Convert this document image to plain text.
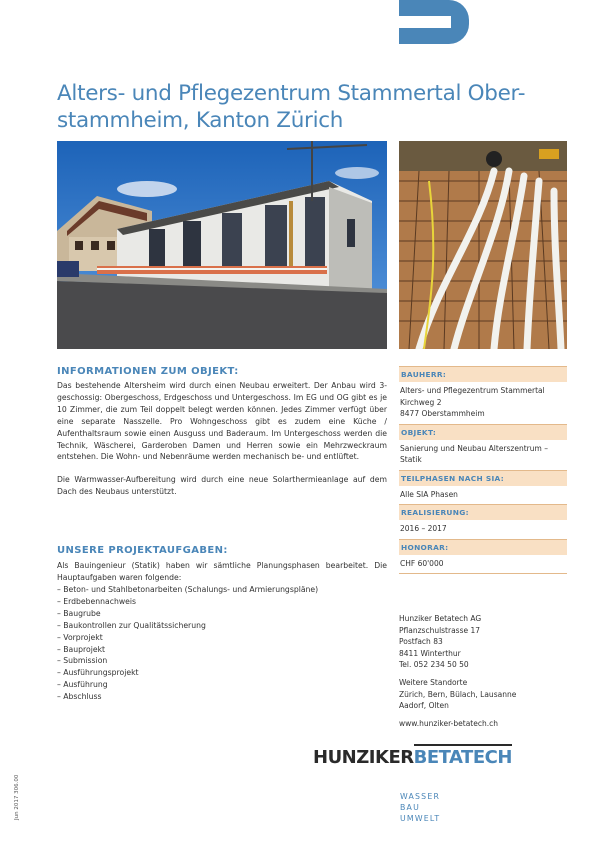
Alters- und Pflegezentrum Stammertal Ober-
stammheim, Kanton Zürich
INFORMATIONEN ZUM OBJEKT:

Das bestehende Altersheim wird durch einen Neubau erweitert. Der Anbau wird 3-geschossig: Obergeschoss, Erdgeschoss und Untergeschoss. Im EG und OG gibt es je 10 Zimmer, die zum Teil doppelt belegt werden können. Jedes Zimmer verfügt über eine separate Nasszelle. Pro Wohngeschoss gibt es zudem eine Küche / Aufenthaltsraum sowie einen Ausguss und Baderaum. Im Untergeschoss werden die Technik, Wäscherei, Garderoben Damen und Herren sowie ein Mehrzweckraum entstehen. Die Wohn- und Nebenräume werden mechanisch be- und entlüftet.

Die Warmwasser-Aufbereitung wird durch eine neue Solarthermieanlage auf dem Dach des Neubaus unterstützt.

UNSERE PROJEKTAUFGABEN:
Als Bauingenieur (Statik) haben wir sämtliche Planungsphasen bearbeitet. Die Hauptaufgaben waren folgende:
– Beton- und Stahlbetonarbeiten (Schalungs- und Armierungspläne)
– Erdbebennachweis
– Baugrube
– Baukontrollen zur Qualitätssicherung
– Vorprojekt
– Bauprojekt
– Submission
– Ausführungsprojekt
– Ausführung
– Abschluss
BAUHERR:
Alters- und Pflegezentrum Stammertal
Kirchweg 2
8477 Oberstammheim
OBJEKT:
Sanierung und Neubau Alterszentrum – Statik
TEILPHASEN NACH SIA:
Alle SIA Phasen
REALISIERUNG:
2016 – 2017
HONORAR:
CHF 60'000

Hunziker Betatech AG

Pflanzschulstrasse 17

Postfach 83

8411 Winterthur

Tel. 052 234 50 50

Weitere Standorte

Zürich, Bern, Bülach, Lausanne

Aadorf, Olten

www.hunziker-betatech.ch

HUNZIKERBETATECH
WASSER
BAU
UMWELT
Jun 2017 306.00
